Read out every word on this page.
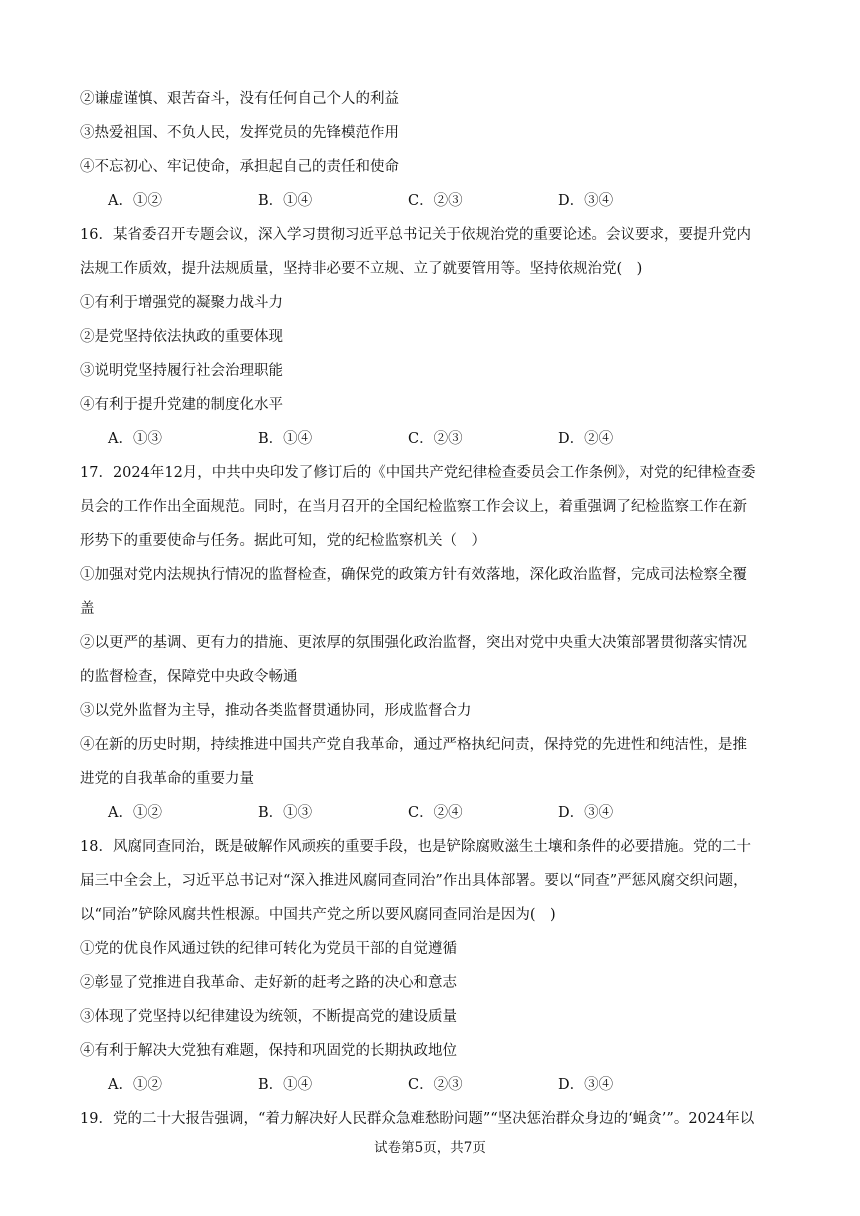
②谦虚谨慎、艰苦奋斗，没有任何自己个人的利益
③热爱祖国、不负人民，发挥党员的先锋模范作用
④不忘初心、牢记使命，承担起自己的责任和使命
A．①②	B．①④	C．②③	D．③④
16．某省委召开专题会议，深入学习贯彻习近平总书记关于依规治党的重要论述。会议要求，要提升党内
法规工作质效，提升法规质量，坚持非必要不立规、立了就要管用等。坚持依规治党(　)
①有利于增强党的凝聚力战斗力
②是党坚持依法执政的重要体现
③说明党坚持履行社会治理职能
④有利于提升党建的制度化水平
A．①③	B．①④	C．②③	D．②④
17．2024年12月，中共中央印发了修订后的《中国共产党纪律检查委员会工作条例》，对党的纪律检查委
员会的工作作出全面规范。同时，在当月召开的全国纪检监察工作会议上，着重强调了纪检监察工作在新
形势下的重要使命与任务。据此可知，党的纪检监察机关（　）
①加强对党内法规执行情况的监督检查，确保党的政策方针有效落地，深化政治监督，完成司法检察全覆
盖
②以更严的基调、更有力的措施、更浓厚的氛围强化政治监督，突出对党中央重大决策部署贯彻落实情况
的监督检查，保障党中央政令畅通
③以党外监督为主导，推动各类监督贯通协同，形成监督合力
④在新的历史时期，持续推进中国共产党自我革命，通过严格执纪问责，保持党的先进性和纯洁性，是推
进党的自我革命的重要力量
A．①②	B．①③	C．②④	D．③④
18．风腐同查同治，既是破解作风顽疾的重要手段，也是铲除腐败滋生土壤和条件的必要措施。党的二十
届三中全会上，习近平总书记对“深入推进风腐同查同治”作出具体部署。要以“同查”严惩风腐交织问题，
以“同治”铲除风腐共性根源。中国共产党之所以要风腐同查同治是因为(　)
①党的优良作风通过铁的纪律可转化为党员干部的自觉遵循
②彰显了党推进自我革命、走好新的赶考之路的决心和意志
③体现了党坚持以纪律建设为统领，不断提高党的建设质量
④有利于解决大党独有难题，保持和巩固党的长期执政地位
A．①②	B．①④	C．②③	D．③④
19．党的二十大报告强调，“着力解决好人民群众急难愁盼问题”“坚决惩治群众身边的‘蝇贪’”。2024年以
试卷第5页，共7页
